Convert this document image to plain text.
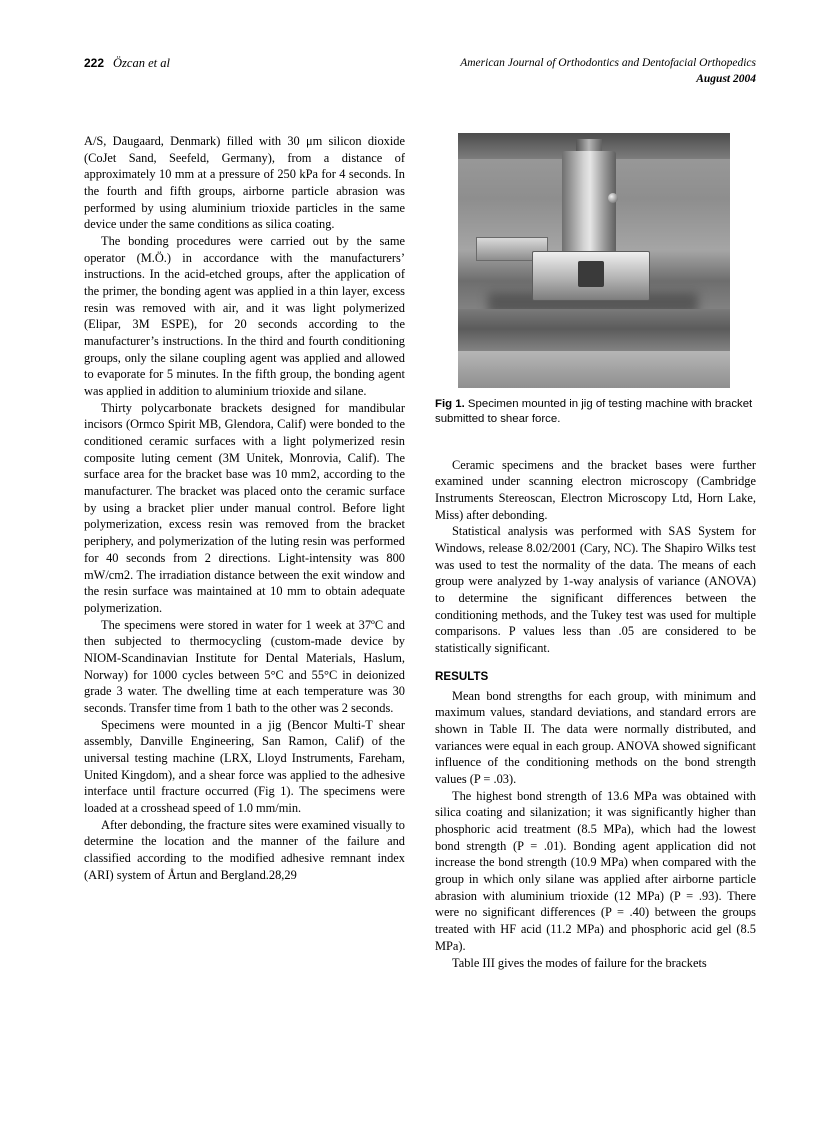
222 Özcan et al	American Journal of Orthodontics and Dentofacial Orthopedics
August 2004

A/S, Daugaard, Denmark) filled with 30 μm silicon dioxide (CoJet Sand, Seefeld, Germany), from a distance of approximately 10 mm at a pressure of 250 kPa for 4 seconds. In the fourth and fifth groups, airborne particle abrasion was performed by using aluminium trioxide particles in the same device under the same conditions as silica coating.

The bonding procedures were carried out by the same operator (M.Ö.) in accordance with the manufacturers’ instructions. In the acid-etched groups, after the application of the primer, the bonding agent was applied in a thin layer, excess resin was removed with air, and it was light polymerized (Elipar, 3M ESPE), for 20 seconds according to the manufacturer’s instructions. In the third and fourth conditioning groups, only the silane coupling agent was applied and allowed to evaporate for 5 minutes. In the fifth group, the bonding agent was applied in addition to aluminium trioxide and silane.

Thirty polycarbonate brackets designed for mandibular incisors (Ormco Spirit MB, Glendora, Calif) were bonded to the conditioned ceramic surfaces with a light polymerized resin composite luting cement (3M Unitek, Monrovia, Calif). The surface area for the bracket base was 10 mm2, according to the manufacturer. The bracket was placed onto the ceramic surface by using a bracket plier under manual control. Before light polymerization, excess resin was removed from the bracket periphery, and polymerization of the luting resin was performed for 40 seconds from 2 directions. Light-intensity was 800 mW/cm2. The irradiation distance between the exit window and the resin surface was maintained at 10 mm to obtain adequate polymerization.

The specimens were stored in water for 1 week at 37ºC and then subjected to thermocycling (custom-made device by NIOM-Scandinavian Institute for Dental Materials, Haslum, Norway) for 1000 cycles between 5°C and 55°C in deionized grade 3 water. The dwelling time at each temperature was 30 seconds. Transfer time from 1 bath to the other was 2 seconds.

Specimens were mounted in a jig (Bencor Multi-T shear assembly, Danville Engineering, San Ramon, Calif) of the universal testing machine (LRX, Lloyd Instruments, Fareham, United Kingdom), and a shear force was applied to the adhesive interface until fracture occurred (Fig 1). The specimens were loaded at a crosshead speed of 1.0 mm/min.

After debonding, the fracture sites were examined visually to determine the location and the manner of the failure and classified according to the modified adhesive remnant index (ARI) system of Årtun and Bergland.28,29

Fig 1. Specimen mounted in jig of testing machine with bracket submitted to shear force.

Ceramic specimens and the bracket bases were further examined under scanning electron microscopy (Cambridge Instruments Stereoscan, Electron Microscopy Ltd, Horn Lake, Miss) after debonding.

Statistical analysis was performed with SAS System for Windows, release 8.02/2001 (Cary, NC). The Shapiro Wilks test was used to test the normality of the data. The means of each group were analyzed by 1-way analysis of variance (ANOVA) to determine the significant differences between the conditioning methods, and the Tukey test was used for multiple comparisons. P values less than .05 are considered to be statistically significant.

RESULTS

Mean bond strengths for each group, with minimum and maximum values, standard deviations, and standard errors are shown in Table II. The data were normally distributed, and variances were equal in each group. ANOVA showed significant influence of the conditioning methods on the bond strength values (P = .03).

The highest bond strength of 13.6 MPa was obtained with silica coating and silanization; it was significantly higher than phosphoric acid treatment (8.5 MPa), which had the lowest bond strength (P = .01). Bonding agent application did not increase the bond strength (10.9 MPa) when compared with the group in which only silane was applied after airborne particle abrasion with aluminium trioxide (12 MPa) (P = .93). There were no significant differences (P = .40) between the groups treated with HF acid (11.2 MPa) and phosphoric acid gel (8.5 MPa).

Table III gives the modes of failure for the brackets
